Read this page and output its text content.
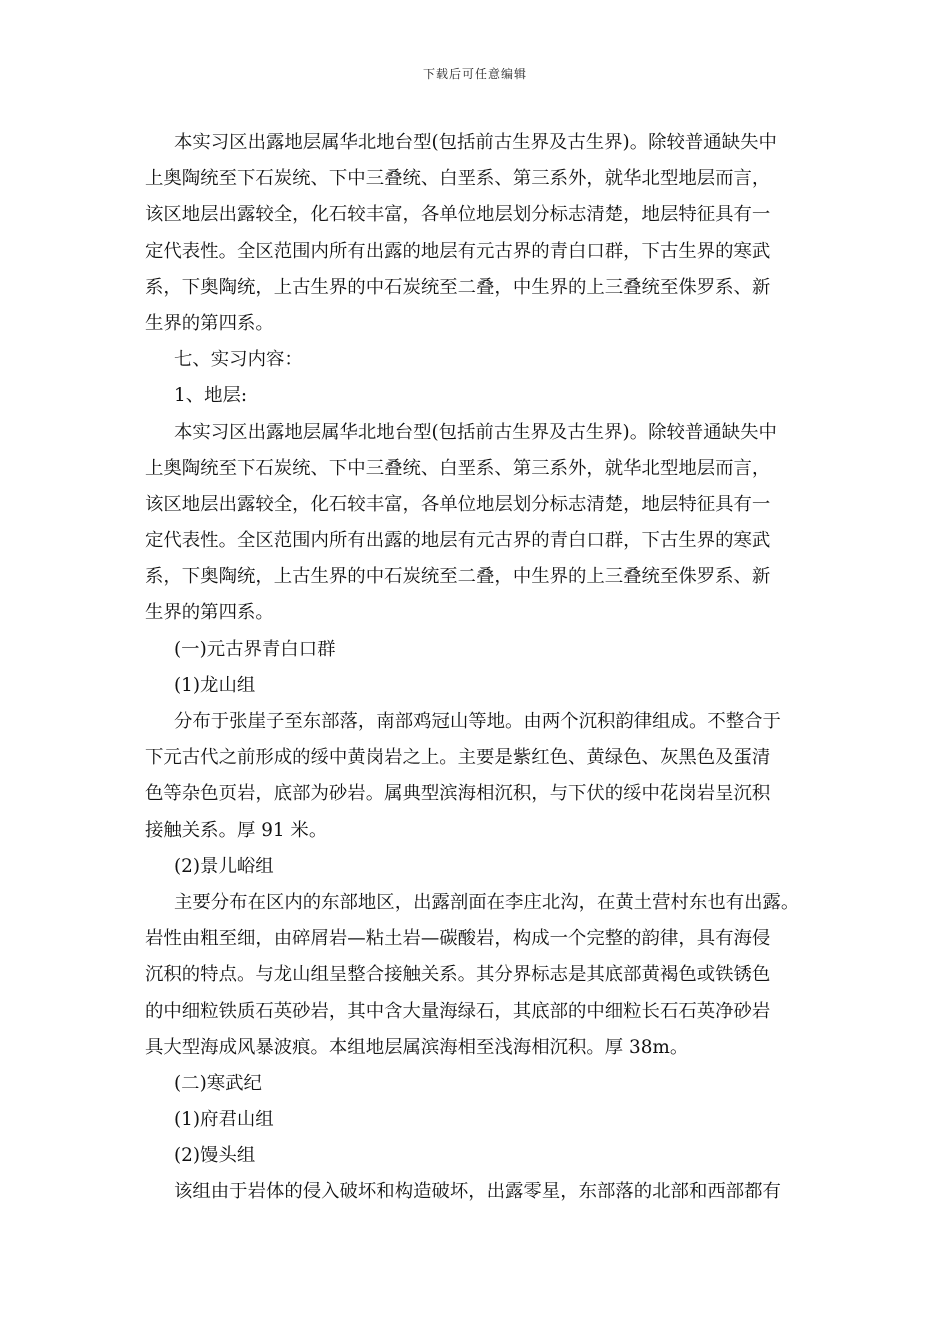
下载后可任意编辑
本实习区出露地层属华北地台型(包括前古生界及古生界)。除较普通缺失中
上奥陶统至下石炭统、下中三叠统、白垩系、第三系外，就华北型地层而言，
该区地层出露较全，化石较丰富，各单位地层划分标志清楚，地层特征具有一
定代表性。全区范围内所有出露的地层有元古界的青白口群，下古生界的寒武
系，下奥陶统，上古生界的中石炭统至二叠，中生界的上三叠统至侏罗系、新
生界的第四系。
七、实习内容：
1、地层:
本实习区出露地层属华北地台型(包括前古生界及古生界)。除较普通缺失中
上奥陶统至下石炭统、下中三叠统、白垩系、第三系外，就华北型地层而言，
该区地层出露较全，化石较丰富，各单位地层划分标志清楚，地层特征具有一
定代表性。全区范围内所有出露的地层有元古界的青白口群，下古生界的寒武
系，下奥陶统，上古生界的中石炭统至二叠，中生界的上三叠统至侏罗系、新
生界的第四系。
(一)元古界青白口群
(1)龙山组
分布于张崖子至东部落，南部鸡冠山等地。由两个沉积韵律组成。不整合于
下元古代之前形成的绥中黄岗岩之上。主要是紫红色、黄绿色、灰黑色及蛋清
色等杂色页岩，底部为砂岩。属典型滨海相沉积，与下伏的绥中花岗岩呈沉积
接触关系。厚 91 米。
(2)景儿峪组
主要分布在区内的东部地区，出露剖面在李庄北沟，在黄土营村东也有出露。
岩性由粗至细，由碎屑岩—粘土岩—碳酸岩，构成一个完整的韵律，具有海侵
沉积的特点。与龙山组呈整合接触关系。其分界标志是其底部黄褐色或铁锈色
的中细粒铁质石英砂岩，其中含大量海绿石，其底部的中细粒长石石英净砂岩
具大型海成风暴波痕。本组地层属滨海相至浅海相沉积。厚 38m。
(二)寒武纪
(1)府君山组
(2)馒头组
该组由于岩体的侵入破坏和构造破坏，出露零星，东部落的北部和西部都有
